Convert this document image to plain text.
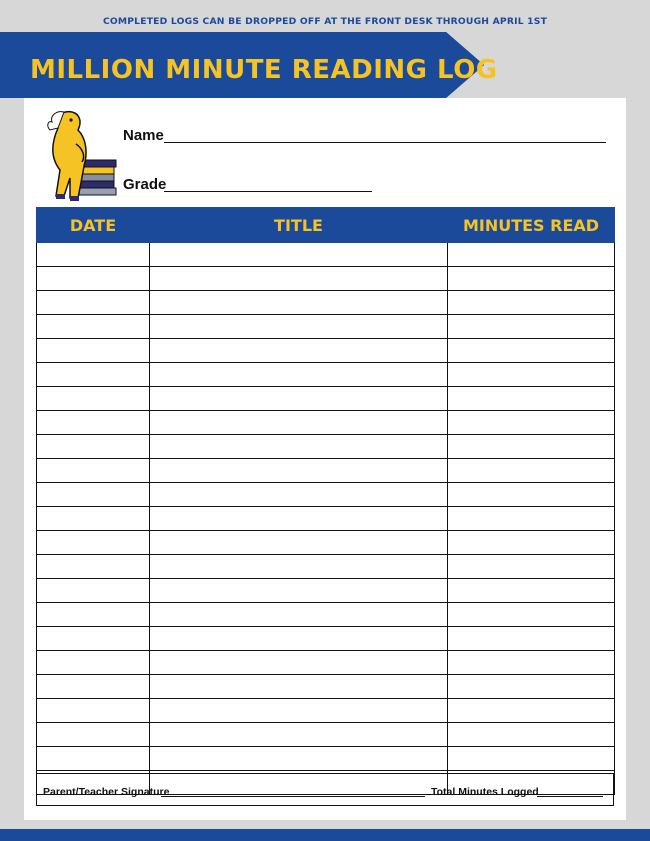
COMPLETED LOGS CAN BE DROPPED OFF AT THE FRONT DESK THROUGH APRIL 1ST
MILLION MINUTE READING LOG
Name
Grade
DATE	TITLE	MINUTES READ

Parent/Teacher Signature	Total Minutes Logged
